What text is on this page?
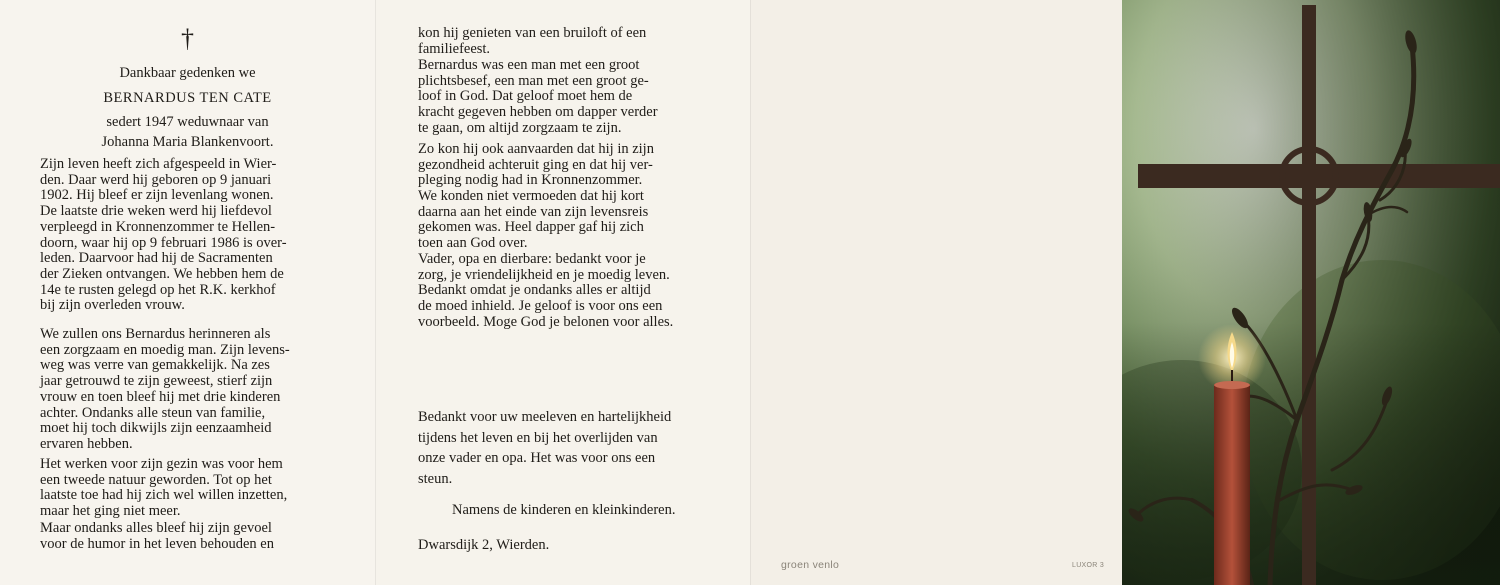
†
Dankbaar gedenken we
BERNARDUS TEN CATE
sedert 1947 weduwnaar van
Johanna Maria Blankenvoort.

Zijn leven heeft zich afgespeeld in Wier-
den. Daar werd hij geboren op 9 januari
1902. Hij bleef er zijn levenlang wonen.
De laatste drie weken werd hij liefdevol
verpleegd in Kronnenzommer te Hellen-
doorn, waar hij op 9 februari 1986 is over-
leden. Daarvoor had hij de Sacramenten
der Zieken ontvangen. We hebben hem de
14e te rusten gelegd op het R.K. kerkhof
bij zijn overleden vrouw.

We zullen ons Bernardus herinneren als
een zorgzaam en moedig man. Zijn levens-
weg was verre van gemakkelijk. Na zes
jaar getrouwd te zijn geweest, stierf zijn
vrouw en toen bleef hij met drie kinderen
achter. Ondanks alle steun van familie,
moet hij toch dikwijls zijn eenzaamheid
ervaren hebben.

Het werken voor zijn gezin was voor hem
een tweede natuur geworden. Tot op het
laatste toe had hij zich wel willen inzetten,
maar het ging niet meer.

Maar ondanks alles bleef hij zijn gevoel
voor de humor in het leven behouden en

kon hij genieten van een bruiloft of een
familiefeest.

Bernardus was een man met een groot
plichtsbesef, een man met een groot ge-
loof in God. Dat geloof moet hem de
kracht gegeven hebben om dapper verder
te gaan, om altijd zorgzaam te zijn.

Zo kon hij ook aanvaarden dat hij in zijn
gezondheid achteruit ging en dat hij ver-
pleging nodig had in Kronnenzommer.

We konden niet vermoeden dat hij kort
daarna aan het einde van zijn levensreis
gekomen was. Heel dapper gaf hij zich
toen aan God over.

Vader, opa en dierbare: bedankt voor je
zorg, je vriendelijkheid en je moedig leven.
Bedankt omdat je ondanks alles er altijd
de moed inhield. Je geloof is voor ons een
voorbeeld. Moge God je belonen voor alles.

Bedankt voor uw meeleven en hartelijkheid
tijdens het leven en bij het overlijden van
onze vader en opa. Het was voor ons een
steun.

Namens de kinderen en kleinkinderen.
Dwarsdijk 2, Wierden.
groen venlo	LUXOR 3
